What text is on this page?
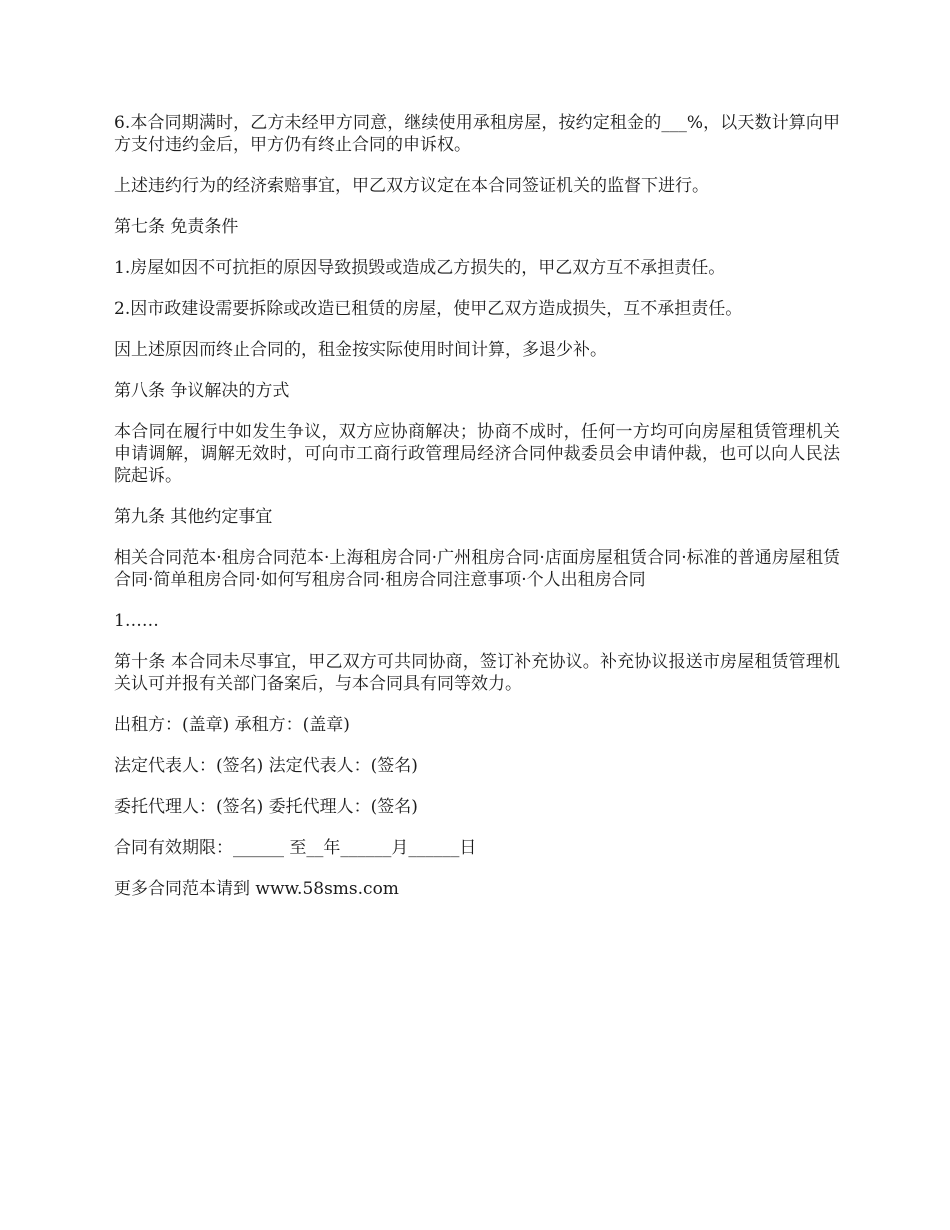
6.本合同期满时，乙方未经甲方同意，继续使用承租房屋，按约定租金的___%，以天数计算向甲方支付违约金后，甲方仍有终止合同的申诉权。

上述违约行为的经济索赔事宜，甲乙双方议定在本合同签证机关的监督下进行。

第七条 免责条件

1.房屋如因不可抗拒的原因导致损毁或造成乙方损失的，甲乙双方互不承担责任。

2.因市政建设需要拆除或改造已租赁的房屋，使甲乙双方造成损失，互不承担责任。

因上述原因而终止合同的，租金按实际使用时间计算，多退少补。

第八条 争议解决的方式

本合同在履行中如发生争议，双方应协商解决；协商不成时，任何一方均可向房屋租赁管理机关申请调解，调解无效时，可向市工商行政管理局经济合同仲裁委员会申请仲裁，也可以向人民法院起诉。

第九条 其他约定事宜

相关合同范本·租房合同范本·上海租房合同·广州租房合同·店面房屋租赁合同·标准的普通房屋租赁合同·简单租房合同·如何写租房合同·租房合同注意事项·个人出租房合同

1……

第十条 本合同未尽事宜，甲乙双方可共同协商，签订补充协议。补充协议报送市房屋租赁管理机关认可并报有关部门备案后，与本合同具有同等效力。

出租方：(盖章) 承租方：(盖章)

法定代表人：(签名) 法定代表人：(签名)

委托代理人：(签名) 委托代理人：(签名)

合同有效期限：______ 至__年______月______日

更多合同范本请到 www.58sms.com
